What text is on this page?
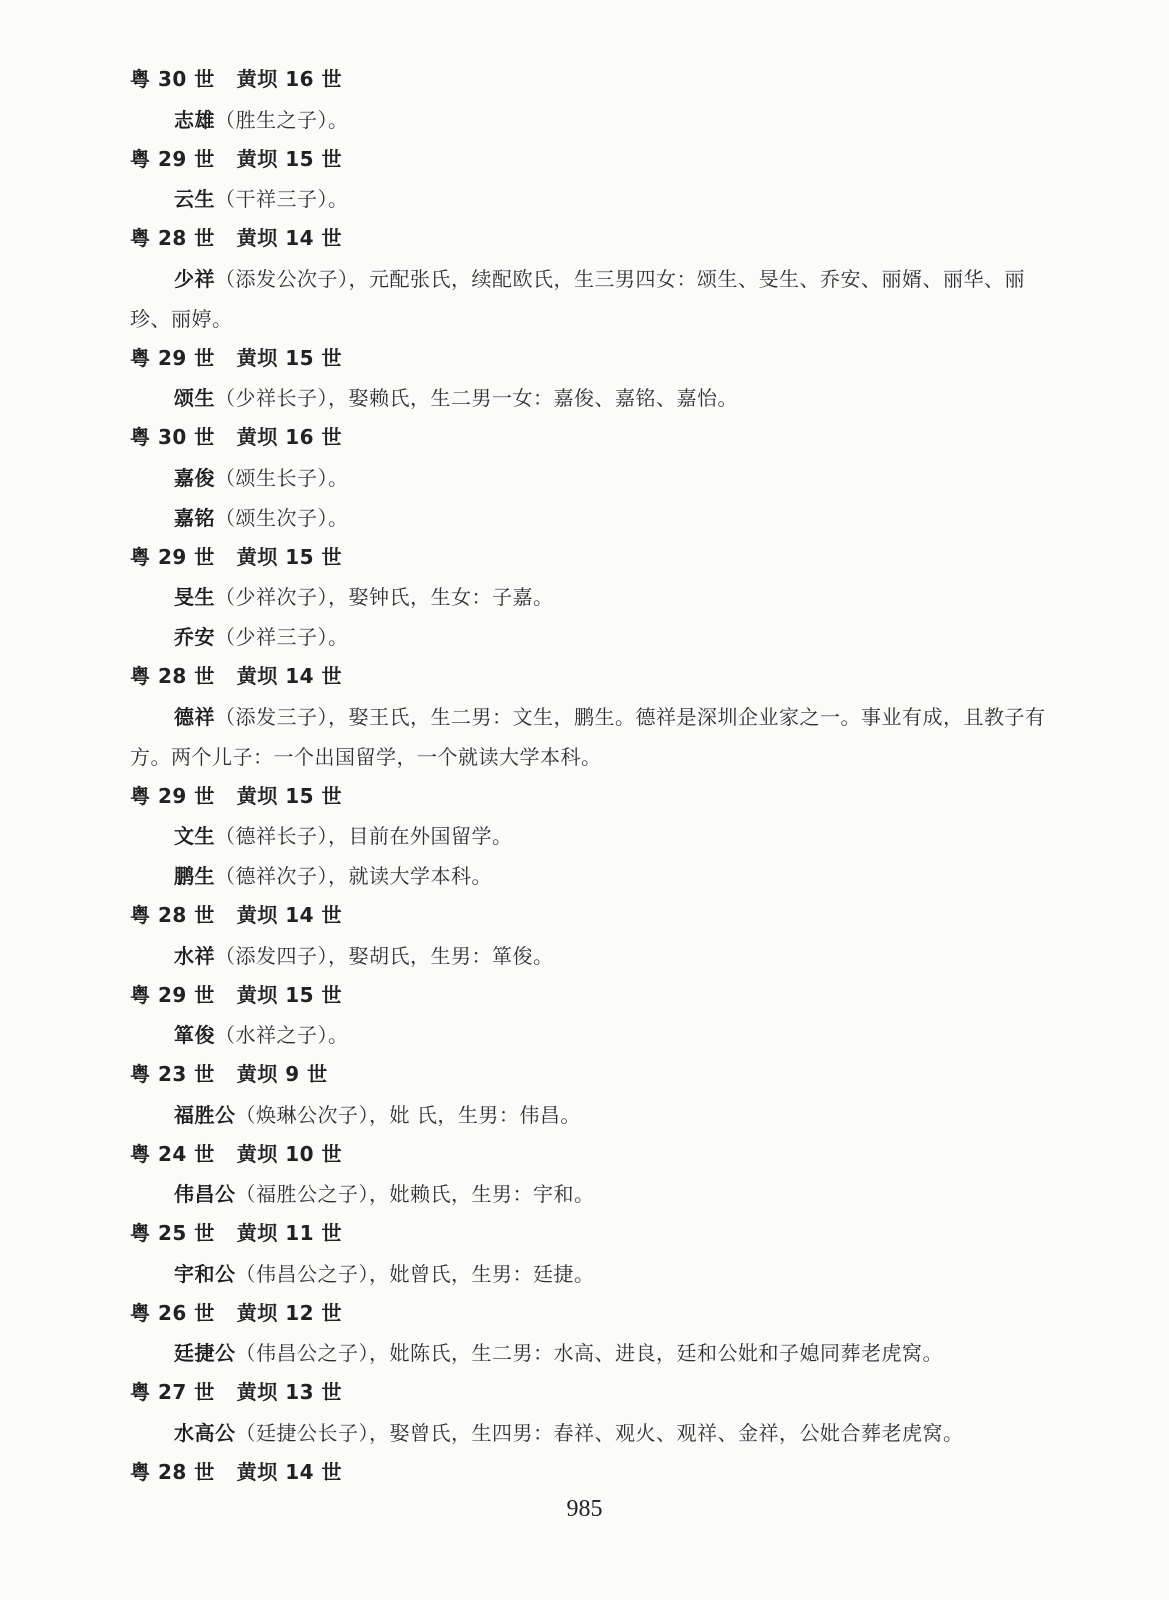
粤 30 世 黄坝 16 世
志雄（胜生之子）。
粤 29 世 黄坝 15 世
云生（干祥三子）。
粤 28 世 黄坝 14 世
少祥（添发公次子），元配张氏，续配欧氏，生三男四女：颂生、旻生、乔安、丽婿、丽华、丽珍、丽婷。
粤 29 世 黄坝 15 世
颂生（少祥长子），娶赖氏，生二男一女：嘉俊、嘉铭、嘉怡。
粤 30 世 黄坝 16 世
嘉俊（颂生长子）。
嘉铭（颂生次子）。
粤 29 世 黄坝 15 世
旻生（少祥次子），娶钟氏，生女：子嘉。
乔安（少祥三子）。
粤 28 世 黄坝 14 世
德祥（添发三子），娶王氏，生二男：文生，鹏生。德祥是深圳企业家之一。事业有成，且教子有方。两个儿子：一个出国留学，一个就读大学本科。
粤 29 世 黄坝 15 世
文生（德祥长子），目前在外国留学。
鹏生（德祥次子），就读大学本科。
粤 28 世 黄坝 14 世
水祥（添发四子），娶胡氏，生男：箪俊。
粤 29 世 黄坝 15 世
箪俊（水祥之子）。
粤 23 世 黄坝 9 世
福胜公（焕琳公次子），妣 氏，生男：伟昌。
粤 24 世 黄坝 10 世
伟昌公（福胜公之子），妣赖氏，生男：宇和。
粤 25 世 黄坝 11 世
宇和公（伟昌公之子），妣曾氏，生男：廷捷。
粤 26 世 黄坝 12 世
廷捷公（伟昌公之子），妣陈氏，生二男：水高、进良，廷和公妣和子媳同葬老虎窝。
粤 27 世 黄坝 13 世
水高公（廷捷公长子），娶曾氏，生四男：春祥、观火、观祥、金祥，公妣合葬老虎窝。
粤 28 世 黄坝 14 世
985
